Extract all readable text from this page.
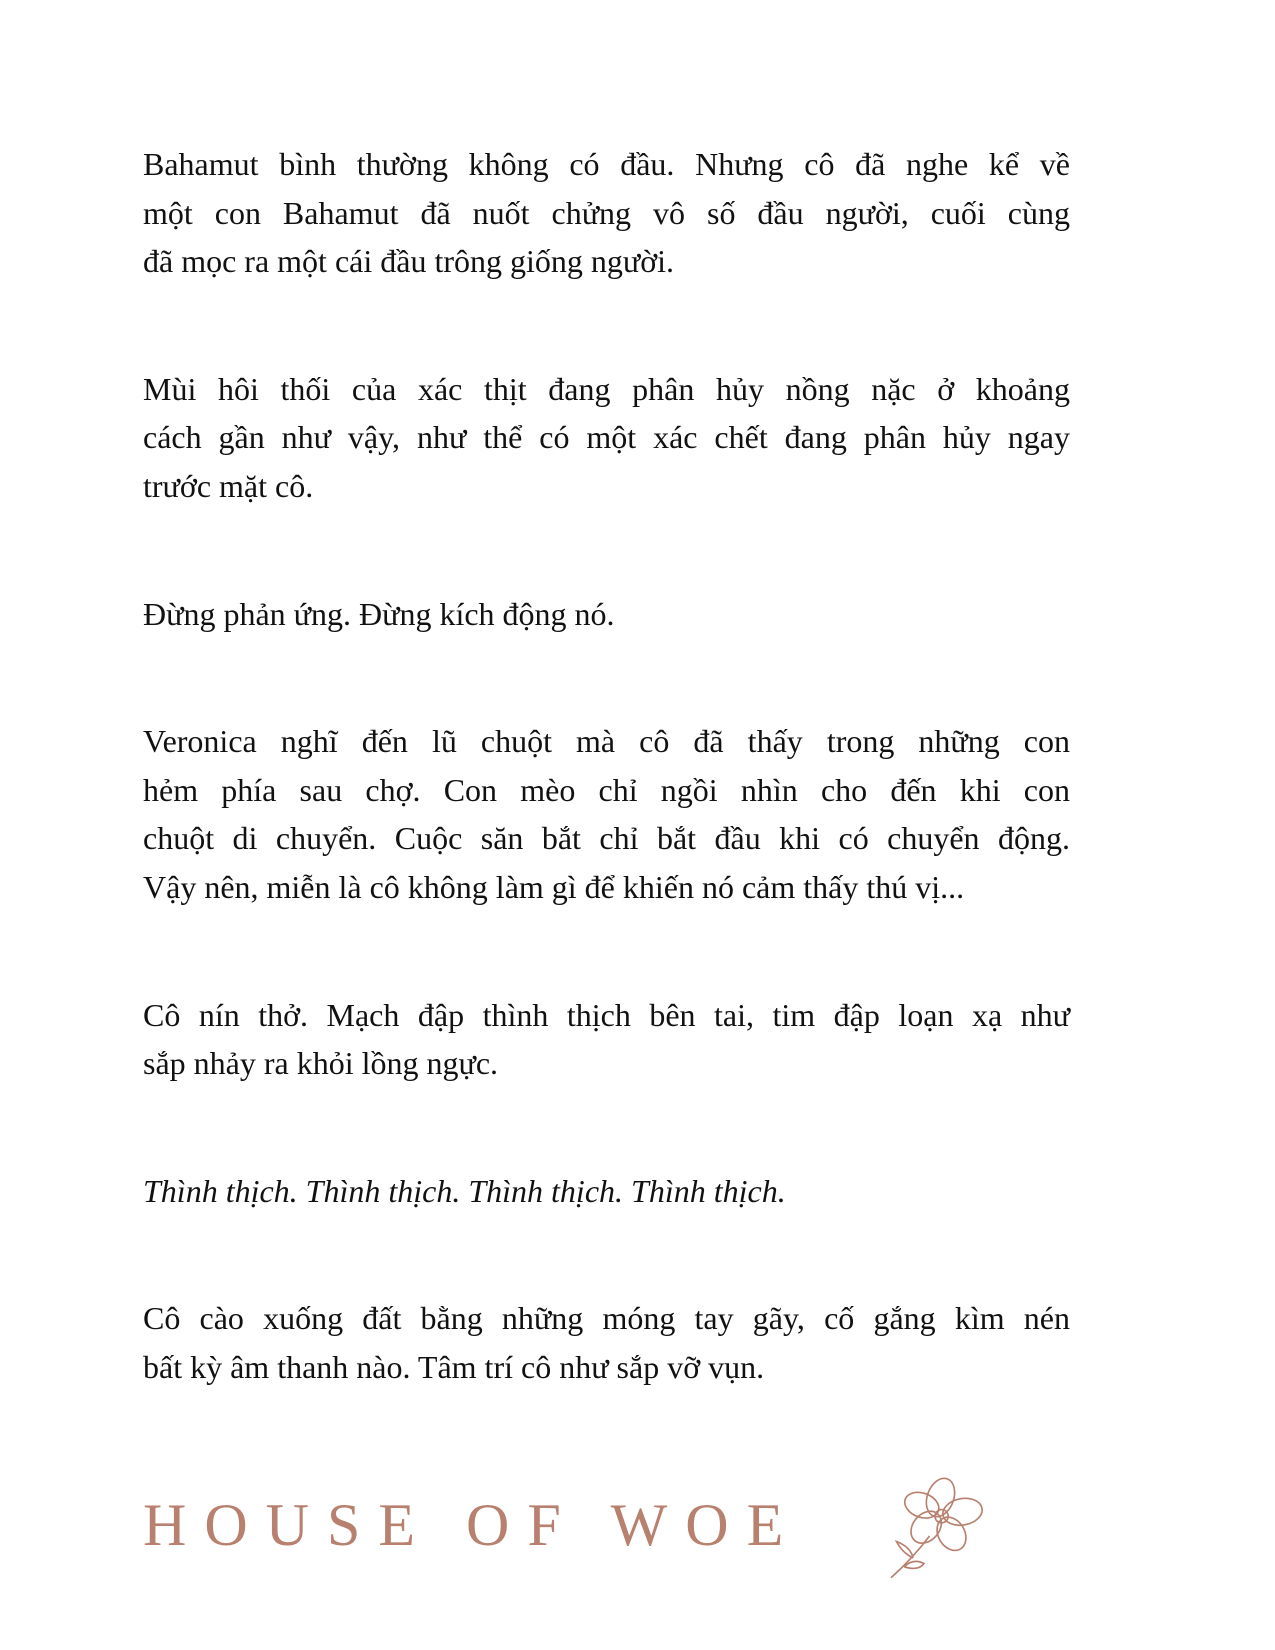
Bahamut bình thường không có đầu. Nhưng cô đã nghe kể về
một con Bahamut đã nuốt chửng vô số đầu người, cuối cùng
đã mọc ra một cái đầu trông giống người.
Mùi hôi thối của xác thịt đang phân hủy nồng nặc ở khoảng
cách gần như vậy, như thể có một xác chết đang phân hủy ngay
trước mặt cô.
Đừng phản ứng. Đừng kích động nó.
Veronica nghĩ đến lũ chuột mà cô đã thấy trong những con
hẻm phía sau chợ. Con mèo chỉ ngồi nhìn cho đến khi con
chuột di chuyển. Cuộc săn bắt chỉ bắt đầu khi có chuyển động.
Vậy nên, miễn là cô không làm gì để khiến nó cảm thấy thú vị...
Cô nín thở. Mạch đập thình thịch bên tai, tim đập loạn xạ như
sắp nhảy ra khỏi lồng ngực.
Thình thịch. Thình thịch. Thình thịch. Thình thịch.
Cô cào xuống đất bằng những móng tay gãy, cố gắng kìm nén
bất kỳ âm thanh nào. Tâm trí cô như sắp vỡ vụn.
HOUSE OF WOE
